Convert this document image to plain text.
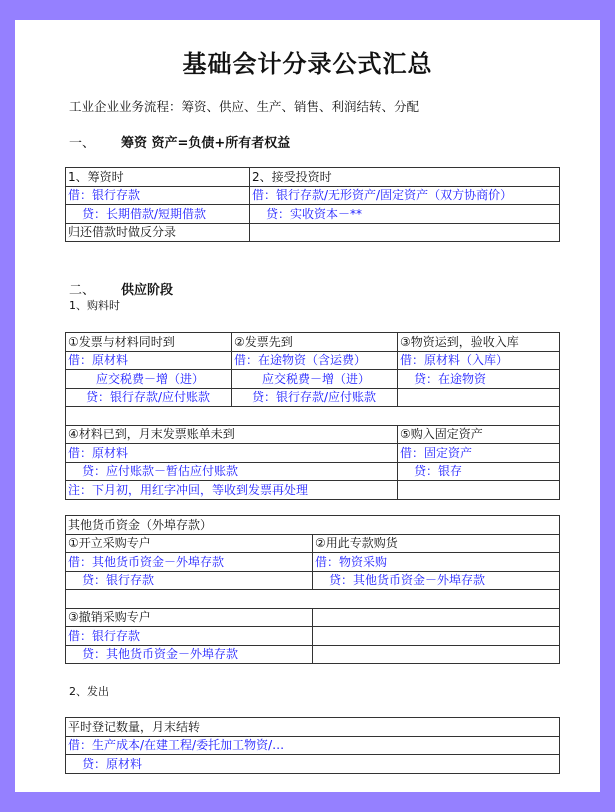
基础会计分录公式汇总
工业企业业务流程：筹资、供应、生产、销售、利润结转、分配
一、 筹资 资产=负债+所有者权益
1、筹资时	2、接受投资时
借：银行存款	借：银行存款/无形资产/固定资产（双方协商价）
贷：长期借款/短期借款	贷：实收资本－**
归还借款时做反分录	
二、 供应阶段
1、购料时
①发票与材料同时到	②发票先到	③物资运到，验收入库
借：原材料	借：在途物资（含运费）	借：原材料（入库）
应交税费－增（进）	应交税费－增（进）	贷：在途物资
贷：银行存款/应付账款	贷：银行存款/应付账款	

④材料已到，月末发票账单未到		⑤购入固定资产
借：原材料		借：固定资产
贷：应付账款－暂估应付账款		贷：银存
注：下月初，用红字冲回，等收到发票再处理		
其他货币资金（外埠存款）	
①开立采购专户	②用此专款购货
借：其他货币资金－外埠存款	借：物资采购
贷：银行存款	贷：其他货币资金－外埠存款

③撤销采购专户	
借：银行存款	
贷：其他货币资金－外埠存款	
2、发出
平时登记数量，月末结转
借：生产成本/在建工程/委托加工物资/…
贷：原材料
